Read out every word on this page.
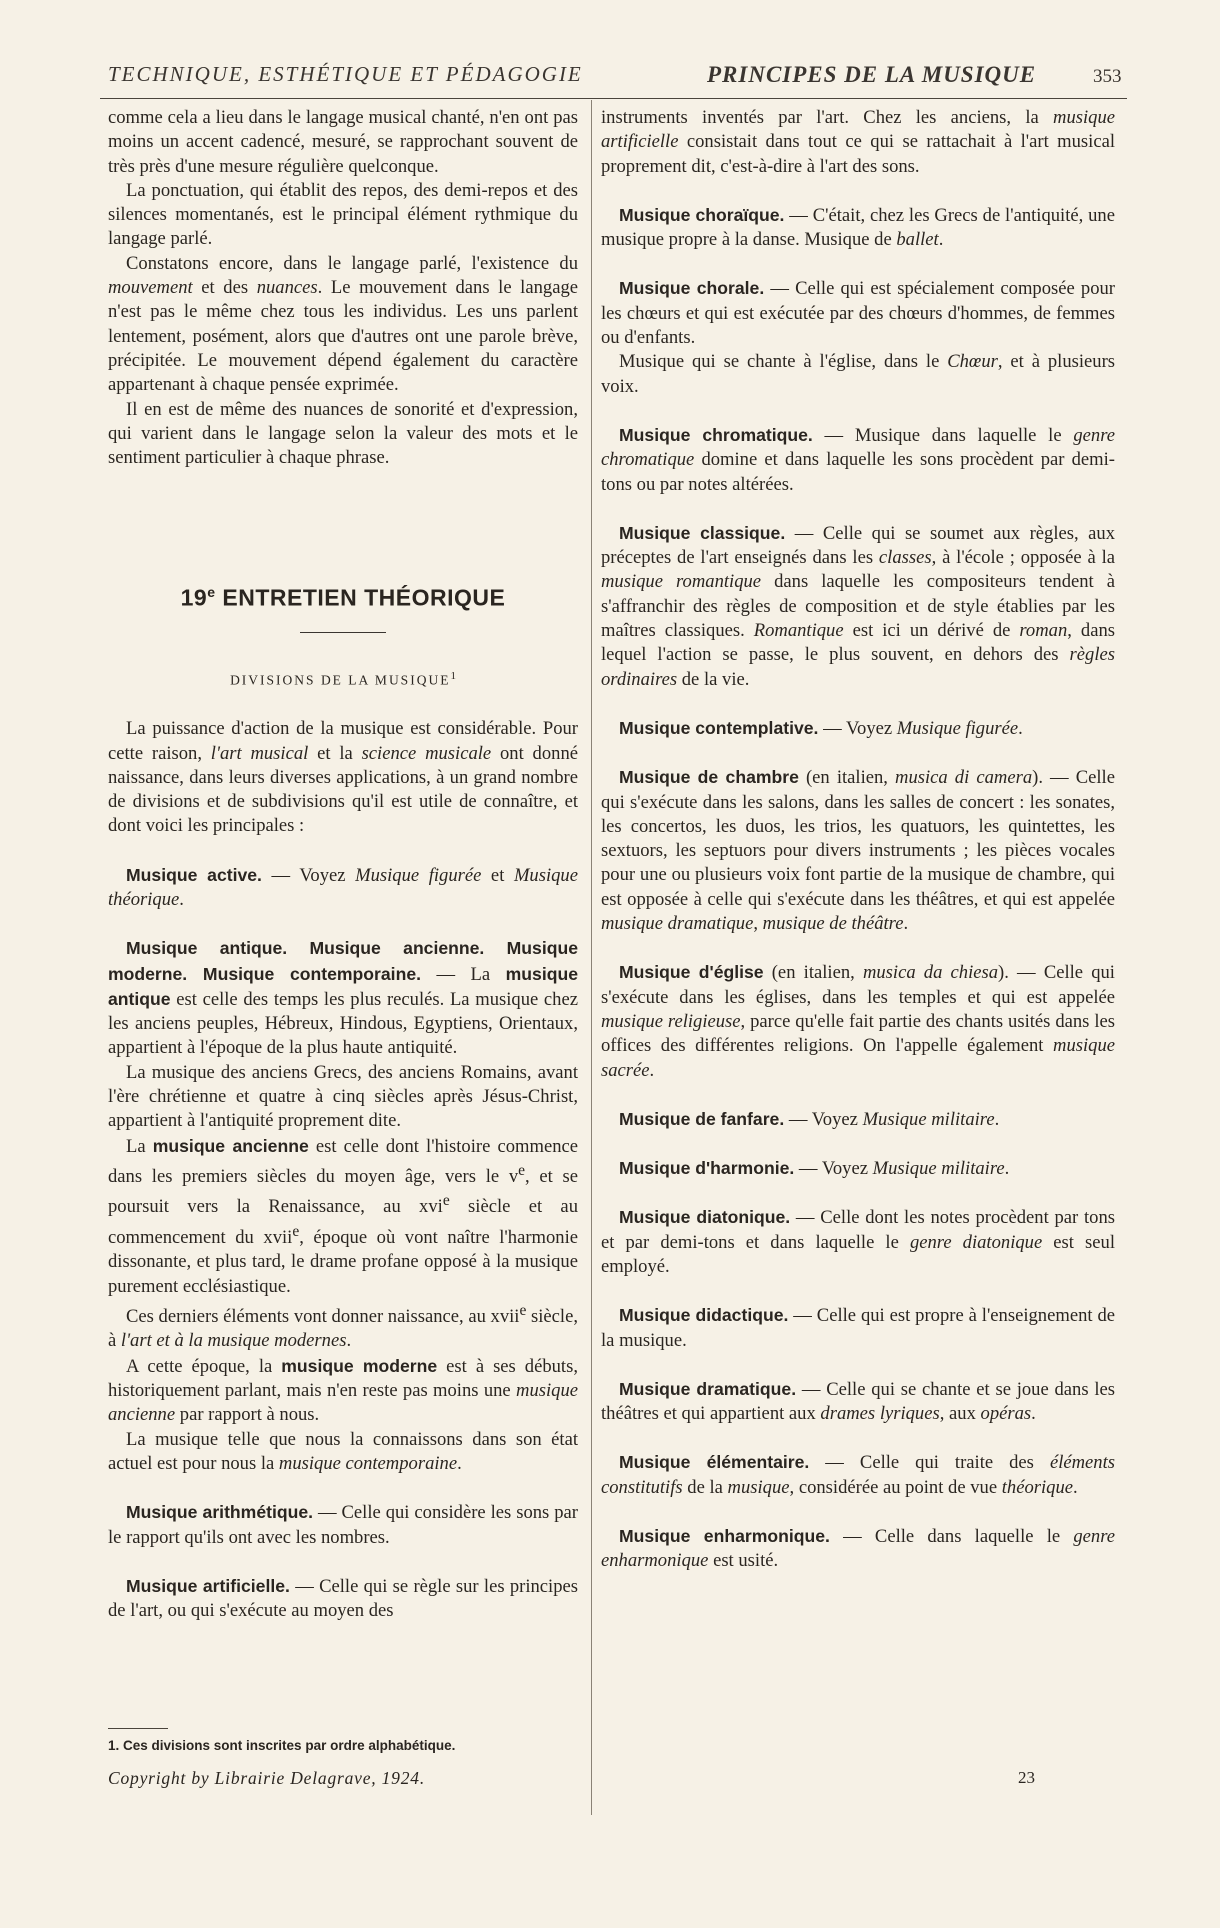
TECHNIQUE, ESTHÉTIQUE ET PÉDAGOGIE	PRINCIPES DE LA MUSIQUE	353

comme cela a lieu dans le langage musical chanté, n'en ont pas moins un accent cadencé, mesuré, se rapprochant souvent de très près d'une mesure régulière quelconque.

La ponctuation, qui établit des repos, des demi-repos et des silences momentanés, est le principal élément rythmique du langage parlé.

Constatons encore, dans le langage parlé, l'existence du mouvement et des nuances. Le mouvement dans le langage n'est pas le même chez tous les individus. Les uns parlent lentement, posément, alors que d'autres ont une parole brève, précipitée. Le mouvement dépend également du caractère appartenant à chaque pensée exprimée.

Il en est de même des nuances de sonorité et d'expression, qui varient dans le langage selon la valeur des mots et le sentiment particulier à chaque phrase.

19e ENTRETIEN THÉORIQUE
DIVISIONS DE LA MUSIQUE$^1$

La puissance d'action de la musique est considérable. Pour cette raison, l'art musical et la science musicale ont donné naissance, dans leurs diverses applications, à un grand nombre de divisions et de subdivisions qu'il est utile de connaître, et dont voici les principales :

Musique active. — Voyez Musique figurée et Musique théorique.

Musique antique. Musique ancienne. Musique moderne. Musique contemporaine. — La musique antique est celle des temps les plus reculés. La musique chez les anciens peuples, Hébreux, Hindous, Egyptiens, Orientaux, appartient à l'époque de la plus haute antiquité.

La musique des anciens Grecs, des anciens Romains, avant l'ère chrétienne et quatre à cinq siècles après Jésus-Christ, appartient à l'antiquité proprement dite.

La musique ancienne est celle dont l'histoire commence dans les premiers siècles du moyen âge, vers le $v^e$, et se poursuit vers la Renaissance, au xvi$^e$ siècle et au commencement du xvii$^e$, époque où vont naître l'harmonie dissonante, et plus tard, le drame profane opposé à la musique purement ecclésiastique.

Ces derniers éléments vont donner naissance, au xvii$^e$ siècle, à l'art et à la musique modernes.

A cette époque, la musique moderne est à ses débuts, historiquement parlant, mais n'en reste pas moins une musique ancienne par rapport à nous.

La musique telle que nous la connaissons dans son état actuel est pour nous la musique contemporaine.

Musique arithmétique. — Celle qui considère les sons par le rapport qu'ils ont avec les nombres.

Musique artificielle. — Celle qui se règle sur les principes de l'art, ou qui s'exécute au moyen des

instruments inventés par l'art. Chez les anciens, la musique artificielle consistait dans tout ce qui se rattachait à l'art musical proprement dit, c'est-à-dire à l'art des sons.

Musique choraïque. — C'était, chez les Grecs de l'antiquité, une musique propre à la danse. Musique de ballet.

Musique chorale. — Celle qui est spécialement composée pour les chœurs et qui est exécutée par des chœurs d'hommes, de femmes ou d'enfants.

Musique qui se chante à l'église, dans le Chœur, et à plusieurs voix.

Musique chromatique. — Musique dans laquelle le genre chromatique domine et dans laquelle les sons procèdent par demi-tons ou par notes altérées.

Musique classique. — Celle qui se soumet aux règles, aux préceptes de l'art enseignés dans les classes, à l'école ; opposée à la musique romantique dans laquelle les compositeurs tendent à s'affranchir des règles de composition et de style établies par les maîtres classiques. Romantique est ici un dérivé de roman, dans lequel l'action se passe, le plus souvent, en dehors des règles ordinaires de la vie.

Musique contemplative. — Voyez Musique figurée.

Musique de chambre (en italien, musica di camera). — Celle qui s'exécute dans les salons, dans les salles de concert : les sonates, les concertos, les duos, les trios, les quatuors, les quintettes, les sextuors, les septuors pour divers instruments ; les pièces vocales pour une ou plusieurs voix font partie de la musique de chambre, qui est opposée à celle qui s'exécute dans les théâtres, et qui est appelée musique dramatique, musique de théâtre.

Musique d'église (en italien, musica da chiesa). — Celle qui s'exécute dans les églises, dans les temples et qui est appelée musique religieuse, parce qu'elle fait partie des chants usités dans les offices des différentes religions. On l'appelle également musique sacrée.

Musique de fanfare. — Voyez Musique militaire.

Musique d'harmonie. — Voyez Musique militaire.

Musique diatonique. — Celle dont les notes procèdent par tons et par demi-tons et dans laquelle le genre diatonique est seul employé.

Musique didactique. — Celle qui est propre à l'enseignement de la musique.

Musique dramatique. — Celle qui se chante et se joue dans les théâtres et qui appartient aux drames lyriques, aux opéras.

Musique élémentaire. — Celle qui traite des éléments constitutifs de la musique, considérée au point de vue théorique.

Musique enharmonique. — Celle dans laquelle le genre enharmonique est usité.

1. Ces divisions sont inscrites par ordre alphabétique.
Copyright by Librairie Delagrave, 1924.	23
